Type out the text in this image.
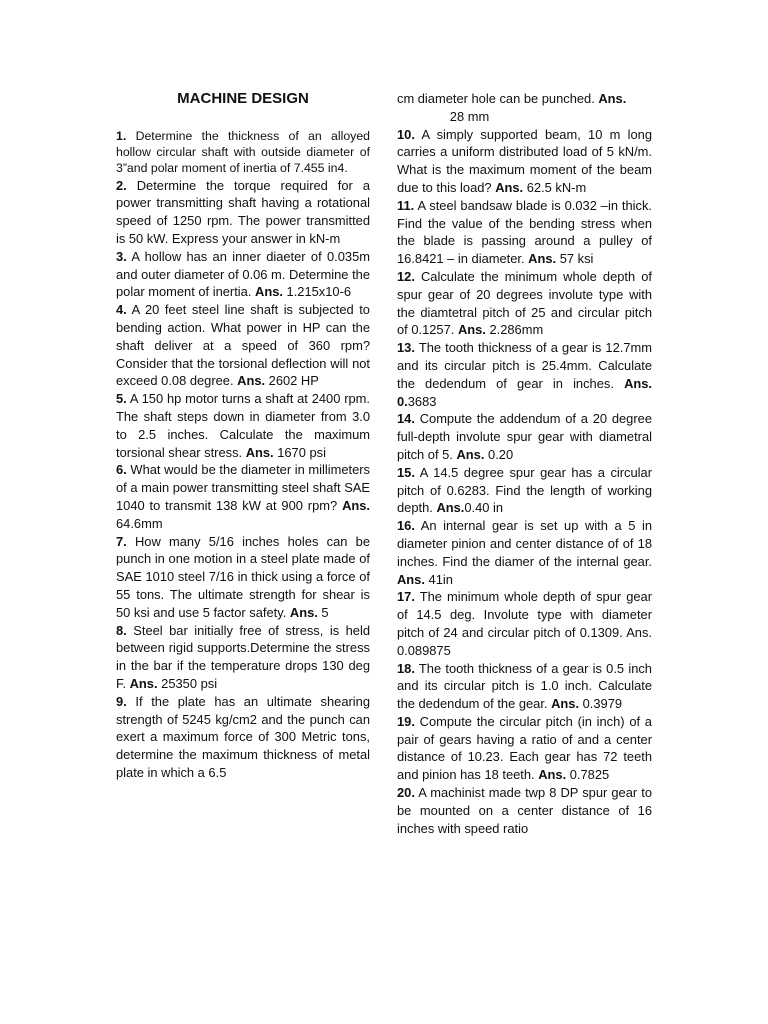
MACHINE DESIGN

1. Determine the thickness of an alloyed hollow circular shaft with outside diameter of 3”and polar moment of inertia of 7.455 in4.

2. Determine the torque required for a power transmitting shaft having a rotational speed of 1250 rpm. The power transmitted is 50 kW. Express your answer in kN-m

3. A hollow has an inner diaeter of 0.035m and outer diameter of 0.06 m. Determine the polar moment of inertia. Ans. 1.215x10-6

4. A 20 feet steel line shaft is subjected to bending action. What power in HP can the shaft deliver at a speed of 360 rpm? Consider that the torsional deflection will not exceed 0.08 degree. Ans. 2602 HP

5. A 150 hp motor turns a shaft at 2400 rpm. The shaft steps down in diameter from 3.0 to 2.5 inches. Calculate the maximum torsional shear stress. Ans. 1670 psi

6. What would be the diameter in millimeters of a main power transmitting steel shaft SAE 1040 to transmit 138 kW at 900 rpm? Ans. 64.6mm

7. How many 5/16 inches holes can be punch in one motion in a steel plate made of SAE 1010 steel 7/16 in thick using a force of 55 tons. The ultimate strength for shear is 50 ksi and use 5 factor safety. Ans. 5

8. Steel bar initially free of stress, is held between rigid supports.Determine the stress in the bar if the temperature drops 130 deg F. Ans. 25350 psi

9. If the plate has an ultimate shearing strength of 5245 kg/cm2 and the punch can exert a maximum force of 300 Metric tons, determine the maximum thickness of metal plate in which a 6.5

cm diameter hole can be punched. Ans.
28 mm

10. A simply supported beam, 10 m long carries a uniform distributed load of 5 kN/m. What is the maximum moment of the beam due to this load? Ans. 62.5 kN-m

11. A steel bandsaw blade is 0.032 –in thick. Find the value of the bending stress when the blade is passing around a pulley of 16.8421 – in diameter. Ans. 57 ksi

12. Calculate the minimum whole depth of spur gear of 20 degrees involute type with the diamtetral pitch of 25 and circular pitch of 0.1257. Ans. 2.286mm

13. The tooth thickness of a gear is 12.7mm and its circular pitch is 25.4mm. Calculate the dedendum of gear in inches. Ans. 0.3683

14. Compute the addendum of a 20 degree full-depth involute spur gear with diametral pitch of 5. Ans. 0.20

15. A 14.5 degree spur gear has a circular pitch of 0.6283. Find the length of working depth. Ans.0.40 in

16. An internal gear is set up with a 5 in diameter pinion and center distance of of 18 inches. Find the diamer of the internal gear. Ans. 41in

17. The minimum whole depth of spur gear of 14.5 deg. Involute type with diameter pitch of 24 and circular pitch of 0.1309. Ans. 0.089875

18. The tooth thickness of a gear is 0.5 inch and its circular pitch is 1.0 inch. Calculate the dedendum of the gear. Ans. 0.3979

19. Compute the circular pitch (in inch) of a pair of gears having a ratio of and a center distance of 10.23. Each gear has 72 teeth and pinion has 18 teeth. Ans. 0.7825

20. A machinist made twp 8 DP spur gear to be mounted on a center distance of 16 inches with speed ratio
